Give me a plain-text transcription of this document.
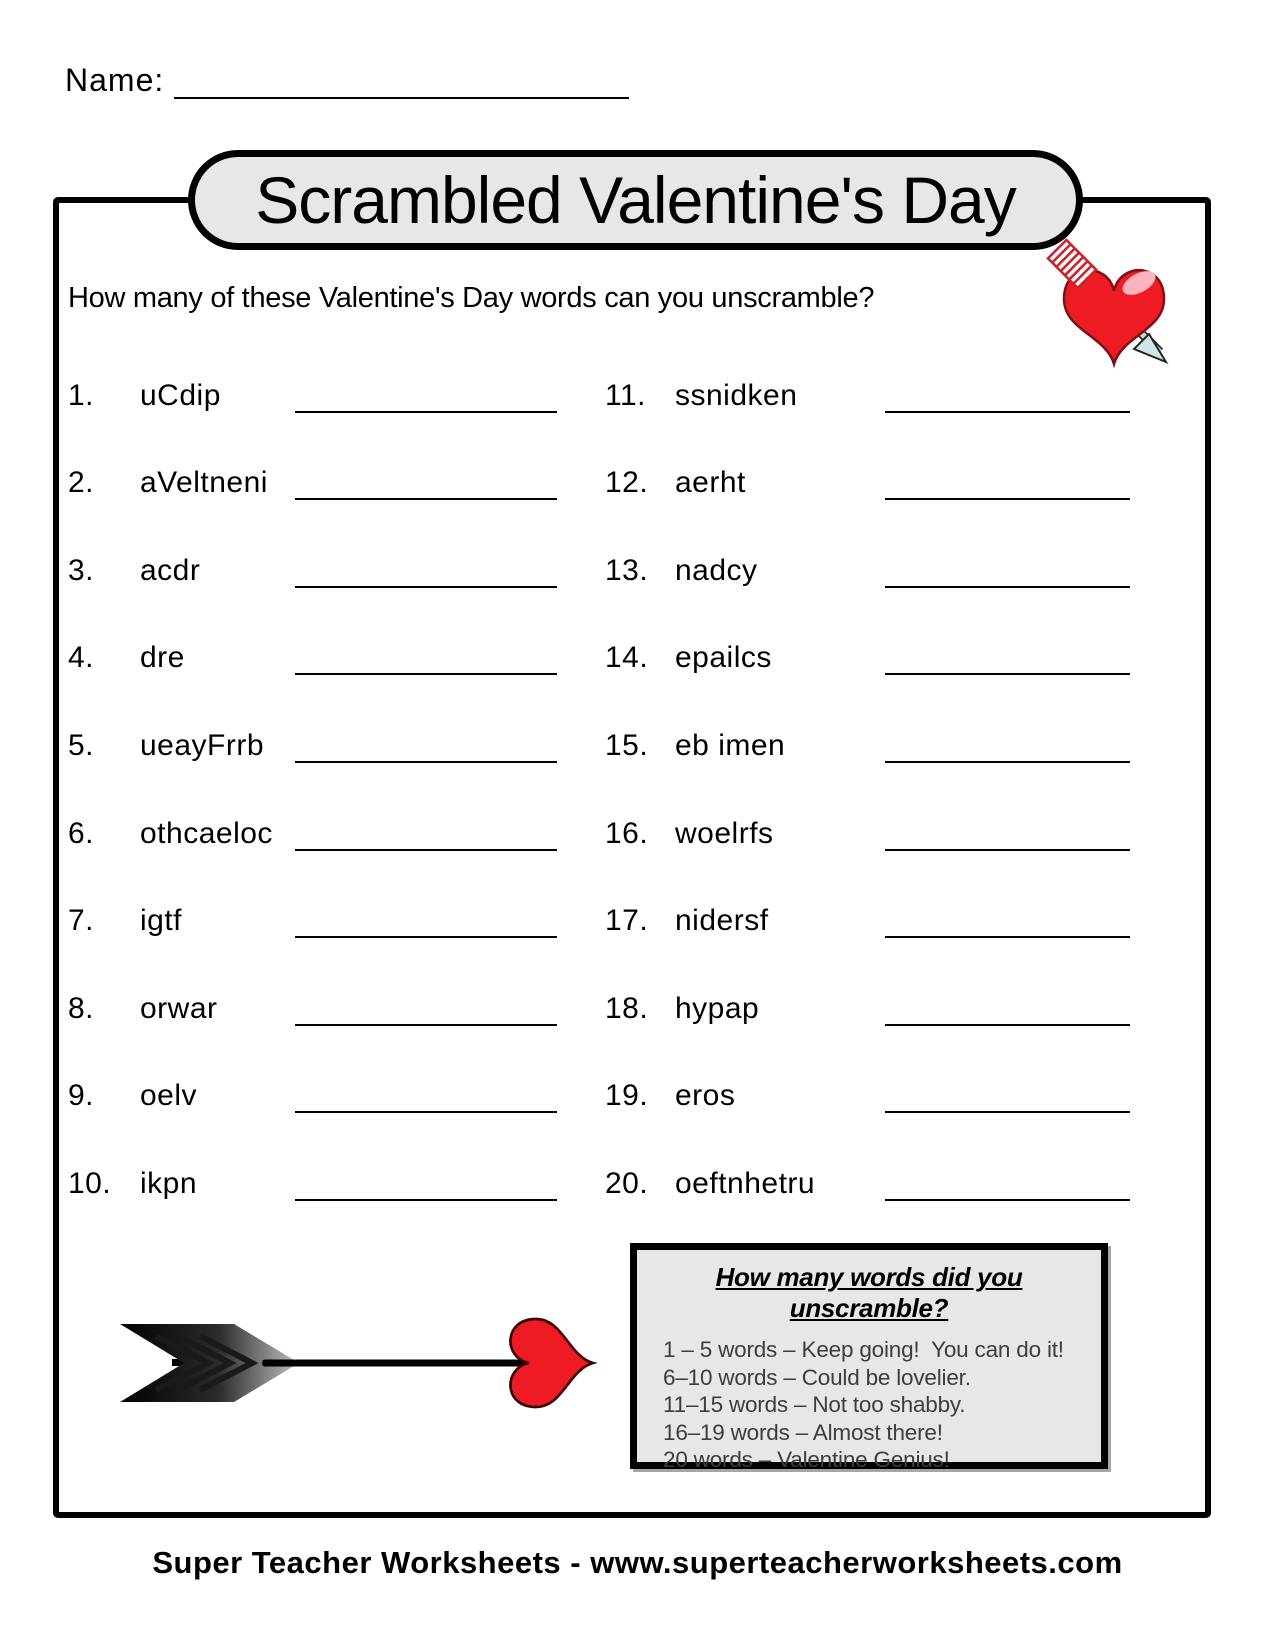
Name:
Scrambled Valentine's Day
How many of these Valentine's Day words can you unscramble?
1.	uCdip
2.	aVeltneni
3.	acdr
4.	dre
5.	ueayFrrb
6.	othcaeloc
7.	igtf
8.	orwar
9.	oelv
10. ikpn
11. ssnidken
12. aerht
13. nadcy
14. epailcs
15. eb imen
16. woelrfs
17. nidersf
18. hypap
19. eros
20. oeftnhetru
How many words did you unscramble?
1 – 5 words – Keep going!  You can do it!
6–10 words – Could be lovelier.
11–15 words – Not too shabby.
16–19 words – Almost there!
20 words – Valentine Genius!
Super Teacher Worksheets - www.superteacherworksheets.com
